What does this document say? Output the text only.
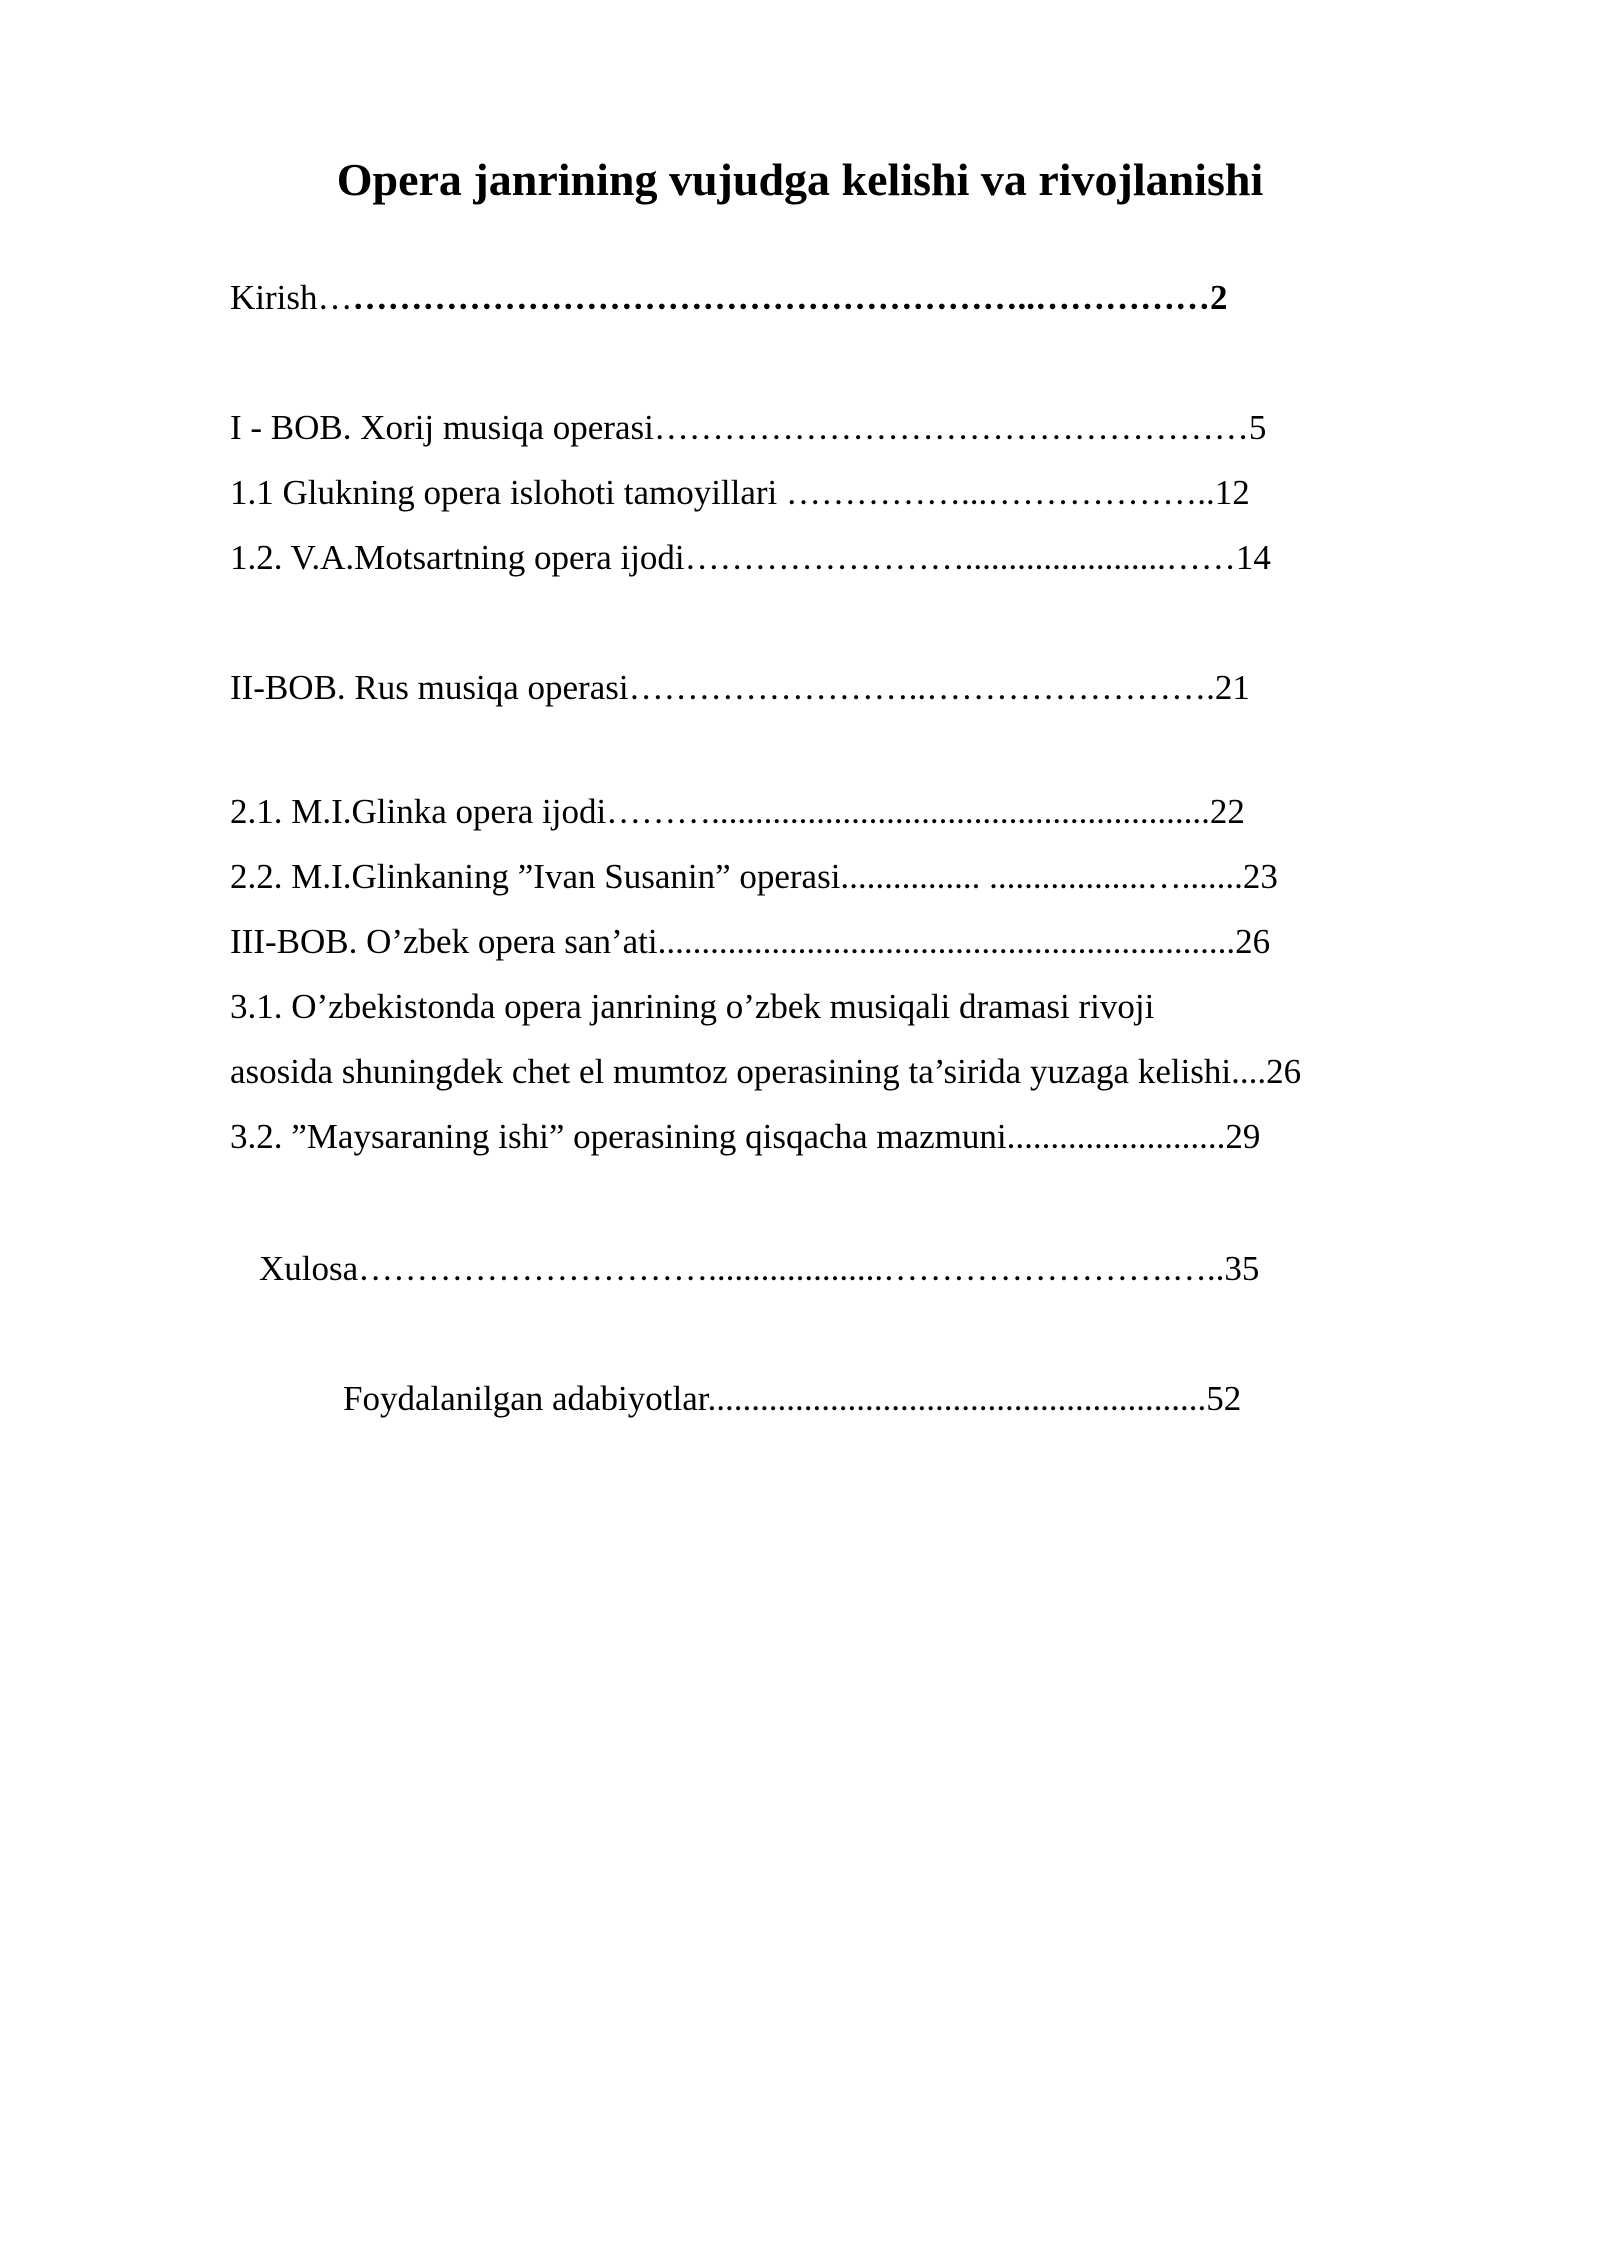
Opera janrining vujudga kelishi va rivojlanishi
Kirish……………………………………………………..……………2
I - BOB. Xorij musiqa operasi……………………………………………5
1.1 Glukning opera islohoti tamoyillari ……………...………………..12
1.2. V.A.Motsartning opera ijodi…………………….......................……14
II-BOB. Rus musiqa operasi……………………..…………………….21
2.1. M.I.Glinka opera ijodi……….........................................................22
2.2. M.I.Glinkaning ”Ivan Susanin” operasi................ ..................….......23
III-BOB. O’zbek opera san’ati..................................................................26
3.1. O’zbekistonda opera janrining o’zbek musiqali dramasi rivoji
asosida shuningdek chet el mumtoz operasining ta’sirida yuzaga kelishi....26
3.2. ”Maysaraning ishi” operasining qisqacha mazmuni.........................29
Xulosa…………………………....................…………………….…..35
Foydalanilgan adabiyotlar.........................................................52
